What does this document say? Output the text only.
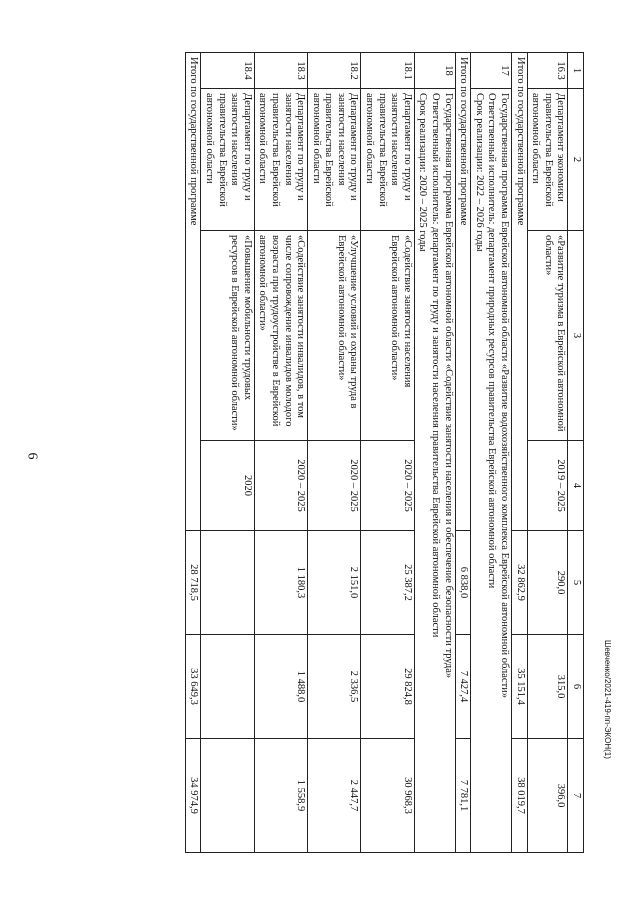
6
Шевченко/2021-419-пп-ЭКОН(1)
1	2	3	4	5	6	7
16.3	Департамент экономики правительства Еврейской автономной области	«Развитие туризма в Еврейской автономной области»	2019 – 2025	290,0	315,0	396,0
Итого по государственной программе				32 862,9	35 151,4	38 019,7
17	Государственная программа Еврейской автономной области «Развитие водохозяйственного комплекса Еврейской автономной области»
Ответственный исполнитель: департамент природных ресурсов правительства Еврейской автономной области
Срок реализации: 2022 – 2026 годы					

Итого по государственной программе				6 838,0	7 427,4	7 781,1
18	Государственная программа Еврейской автономной области «Содействие занятости населения и обеспечение безопасности труда»
Ответственный исполнитель: департамент по труду и занятости населения правительства Еврейской автономной области
Срок реализации: 2020 – 2025 годы					

18.1	Департамент по труду и занятости населения правительства Еврейской автономной области	«Содействие занятости населения Еврейской автономной области»	2020 – 2025	25 387,2	29 824,8	30 968,3
18.2	Департамент по труду и занятости населения правительства Еврейской автономной области	«Улучшение условий и охраны труда в Еврейской автономной области»	2020 – 2025	2 151,0	2 336,5	2 447,7
18.3	Департамент по труду и занятости населения правительства Еврейской автономной области	«Содействие занятости инвалидов, в том числе сопровождение инвалидов молодого возраста при трудоустройстве в Еврейской автономной области»	2020 – 2025	1 180,3	1 488,0	1 558,9
18.4	Департамент по труду и занятости населения правительства Еврейской автономной области	«Повышение мобильности трудовых ресурсов в Еврейской автономной области»	2020			
Итого по государственной программе				28 718,5	33 649,3	34 974,9
